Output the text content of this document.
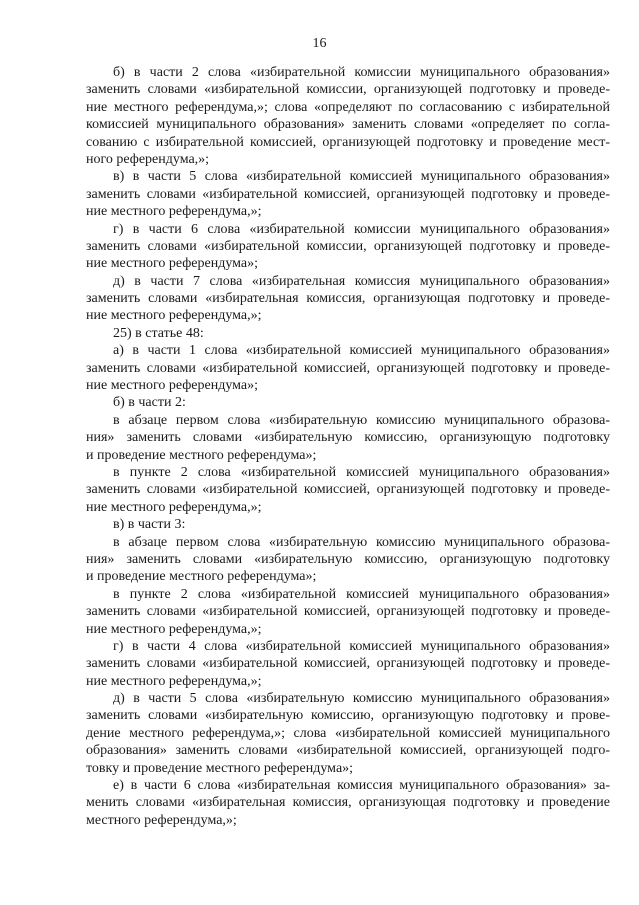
16
б) в части 2 слова «избирательной комиссии муниципального образования»
заменить словами «избирательной комиссии, организующей подготовку и проведе-
ние местного референдума,»; слова «определяют по согласованию с избирательной
комиссией муниципального образования» заменить словами «определяет по согла-
сованию с избирательной комиссией, организующей подготовку и проведение мест-
ного референдума,»;
в) в части 5 слова «избирательной комиссией муниципального образования»
заменить словами «избирательной комиссией, организующей подготовку и проведе-
ние местного референдума,»;
г) в части 6 слова «избирательной комиссии муниципального образования»
заменить словами «избирательной комиссии, организующей подготовку и проведе-
ние местного референдума»;
д) в части 7 слова «избирательная комиссия муниципального образования»
заменить словами «избирательная комиссия, организующая подготовку и проведе-
ние местного референдума,»;
25) в статье 48:
а) в части 1 слова «избирательной комиссией муниципального образования»
заменить словами «избирательной комиссией, организующей подготовку и проведе-
ние местного референдума»;
б) в части 2:
в абзаце первом слова «избирательную комиссию муниципального образова-
ния» заменить словами «избирательную комиссию, организующую подготовку
и проведение местного референдума»;
в пункте 2 слова «избирательной комиссией муниципального образования»
заменить словами «избирательной комиссией, организующей подготовку и проведе-
ние местного референдума,»;
в) в части 3:
в абзаце первом слова «избирательную комиссию муниципального образова-
ния» заменить словами «избирательную комиссию, организующую подготовку
и проведение местного референдума»;
в пункте 2 слова «избирательной комиссией муниципального образования»
заменить словами «избирательной комиссией, организующей подготовку и проведе-
ние местного референдума,»;
г) в части 4 слова «избирательной комиссией муниципального образования»
заменить словами «избирательной комиссией, организующей подготовку и проведе-
ние местного референдума,»;
д) в части 5 слова «избирательную комиссию муниципального образования»
заменить словами «избирательную комиссию, организующую подготовку и прове-
дение местного референдума,»; слова «избирательной комиссией муниципального
образования» заменить словами «избирательной комиссией, организующей подго-
товку и проведение местного референдума»;
е) в части 6 слова «избирательная комиссия муниципального образования» за-
менить словами «избирательная комиссия, организующая подготовку и проведение
местного референдума,»;
